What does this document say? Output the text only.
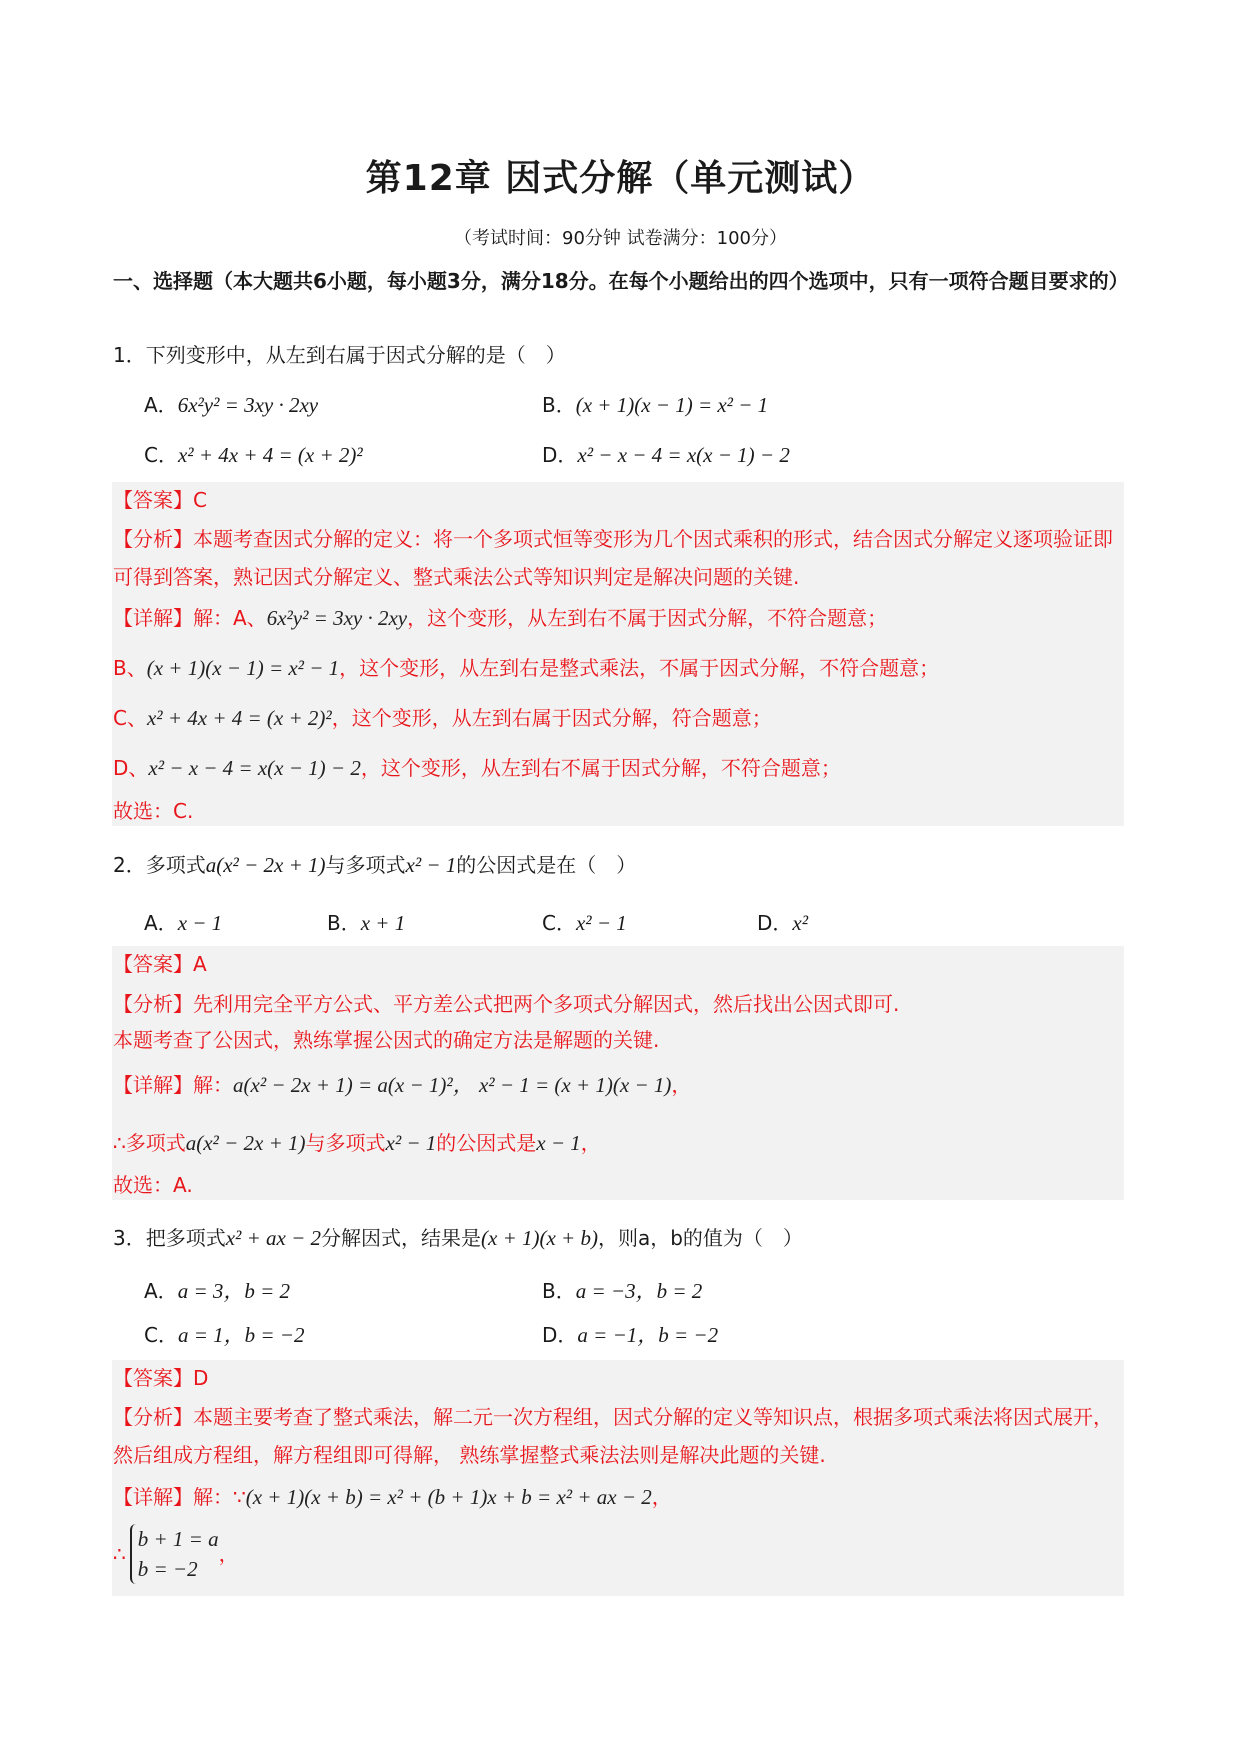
第12章 因式分解（单元测试）
（考试时间：90分钟 试卷满分：100分）
一、选择题（本大题共6小题，每小题3分，满分18分。在每个小题给出的四个选项中，只有一项符合题目要求的）
1．下列变形中，从左到右属于因式分解的是（　）
A．6x²y² = 3xy · 2xy	B．(x + 1)(x − 1) = x² − 1
C．x² + 4x + 4 = (x + 2)²	D．x² − x − 4 = x(x − 1) − 2
【答案】C
【分析】本题考查因式分解的定义：将一个多项式恒等变形为几个因式乘积的形式，结合因式分解定义逐项验证即可得到答案，熟记因式分解定义、整式乘法公式等知识判定是解决问题的关键.
【详解】解：A、6x²y² = 3xy · 2xy，这个变形，从左到右不属于因式分解，不符合题意；
B、(x + 1)(x − 1) = x² − 1，这个变形，从左到右是整式乘法，不属于因式分解，不符合题意；
C、x² + 4x + 4 = (x + 2)²，这个变形，从左到右属于因式分解，符合题意；
D、x² − x − 4 = x(x − 1) − 2，这个变形，从左到右不属于因式分解，不符合题意；
故选：C.
2．多项式a(x² − 2x + 1)与多项式x² − 1的公因式是在（　）
A．x − 1	B．x + 1	C．x² − 1	D．x²
【答案】A
【分析】先利用完全平方公式、平方差公式把两个多项式分解因式，然后找出公因式即可.
本题考查了公因式，熟练掌握公因式的确定方法是解题的关键.
【详解】解：a(x² − 2x + 1) = a(x − 1)²， x² − 1 = (x + 1)(x − 1)，
∴多项式a(x² − 2x + 1)与多项式x² − 1的公因式是x − 1，
故选：A.
3．把多项式x² + ax − 2分解因式，结果是(x + 1)(x + b)，则a，b的值为（　）
A．a = 3，b = 2	B．a = −3，b = 2
C．a = 1，b = −2	D．a = −1，b = −2
【答案】D
【分析】本题主要考查了整式乘法，解二元一次方程组，因式分解的定义等知识点，根据多项式乘法将因式展开，然后组成方程组，解方程组即可得解， 熟练掌握整式乘法法则是解决此题的关键.
【详解】解：∵(x + 1)(x + b) = x² + (b + 1)x + b = x² + ax − 2，
∴
b + 1 = a
b = −2
，
